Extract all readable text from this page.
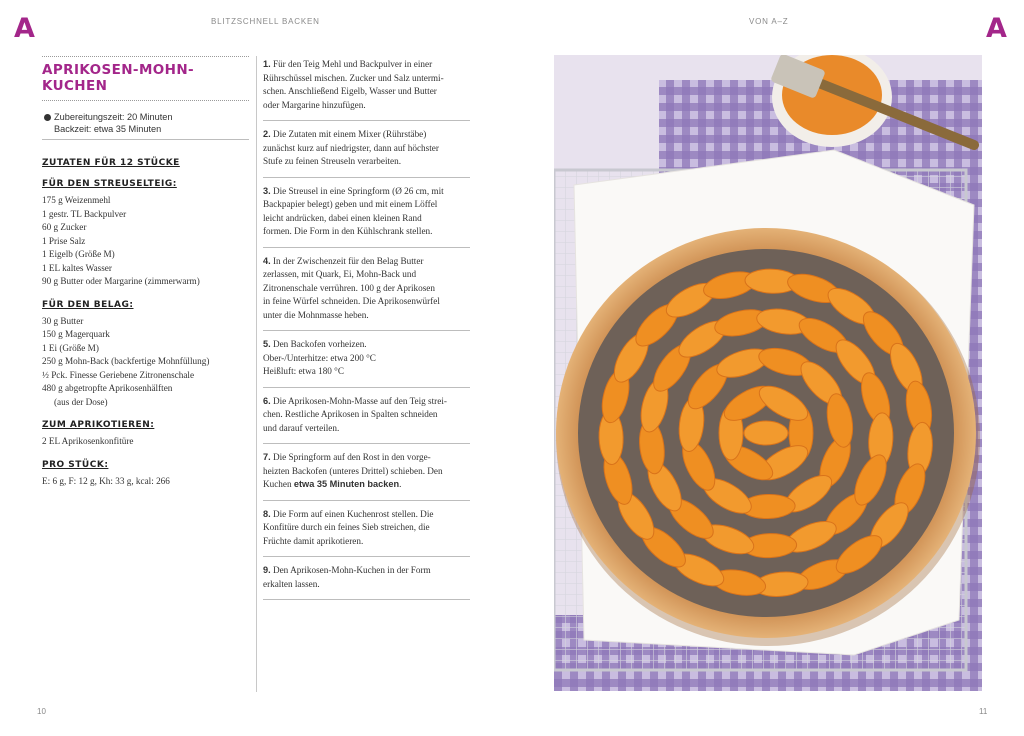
A	BLITZSCHNELL BACKEN	VON A–Z	A
APRIKOSEN-MOHN-
KUCHEN
Zubereitungszeit: 20 Minuten
Backzeit: etwa 35 Minuten
ZUTATEN FÜR 12 STÜCKE
FÜR DEN STREUSELTEIG:
175 g Weizenmehl
1 gestr. TL Backpulver
60 g Zucker
1 Prise Salz
1 Eigelb (Größe M)
1 EL kaltes Wasser
90 g Butter oder Margarine (zimmerwarm)
FÜR DEN BELAG:
30 g Butter
150 g Magerquark
1 Ei (Größe M)
250 g Mohn-Back (backfertige Mohnfüllung)
½ Pck. Finesse Geriebene Zitronenschale
480 g abgetropfte Aprikosenhälften
(aus der Dose)
ZUM APRIKOTIEREN:
2 EL Aprikosenkonfitüre
PRO STÜCK:
E: 6 g, F: 12 g, Kh: 33 g, kcal: 266
1. Für den Teig Mehl und Backpulver in einer
Rührschüssel mischen. Zucker und Salz untermi-
schen. Anschließend Eigelb, Wasser und Butter
oder Margarine hinzufügen.
2. Die Zutaten mit einem Mixer (Rührstäbe)
zunächst kurz auf niedrigster, dann auf höchster
Stufe zu feinen Streuseln verarbeiten.
3. Die Streusel in eine Springform (Ø 26 cm, mit
Backpapier belegt) geben und mit einem Löffel
leicht andrücken, dabei einen kleinen Rand
formen. Die Form in den Kühlschrank stellen.
4. In der Zwischenzeit für den Belag Butter
zerlassen, mit Quark, Ei, Mohn-Back und
Zitronenschale verrühren. 100 g der Aprikosen
in feine Würfel schneiden. Die Aprikosenwürfel
unter die Mohnmasse heben.
5. Den Backofen vorheizen.
Ober-/Unterhitze: etwa 200 °C
Heißluft: etwa 180 °C
6. Die Aprikosen-Mohn-Masse auf den Teig strei-
chen. Restliche Aprikosen in Spalten schneiden
und darauf verteilen.
7. Die Springform auf den Rost in den vorge-
heizten Backofen (unteres Drittel) schieben. Den
Kuchen etwa 35 Minuten backen.
8. Die Form auf einen Kuchenrost stellen. Die
Konfitüre durch ein feines Sieb streichen, die
Früchte damit aprikotieren.
9. Den Aprikosen-Mohn-Kuchen in der Form
erkalten lassen.
10	11
